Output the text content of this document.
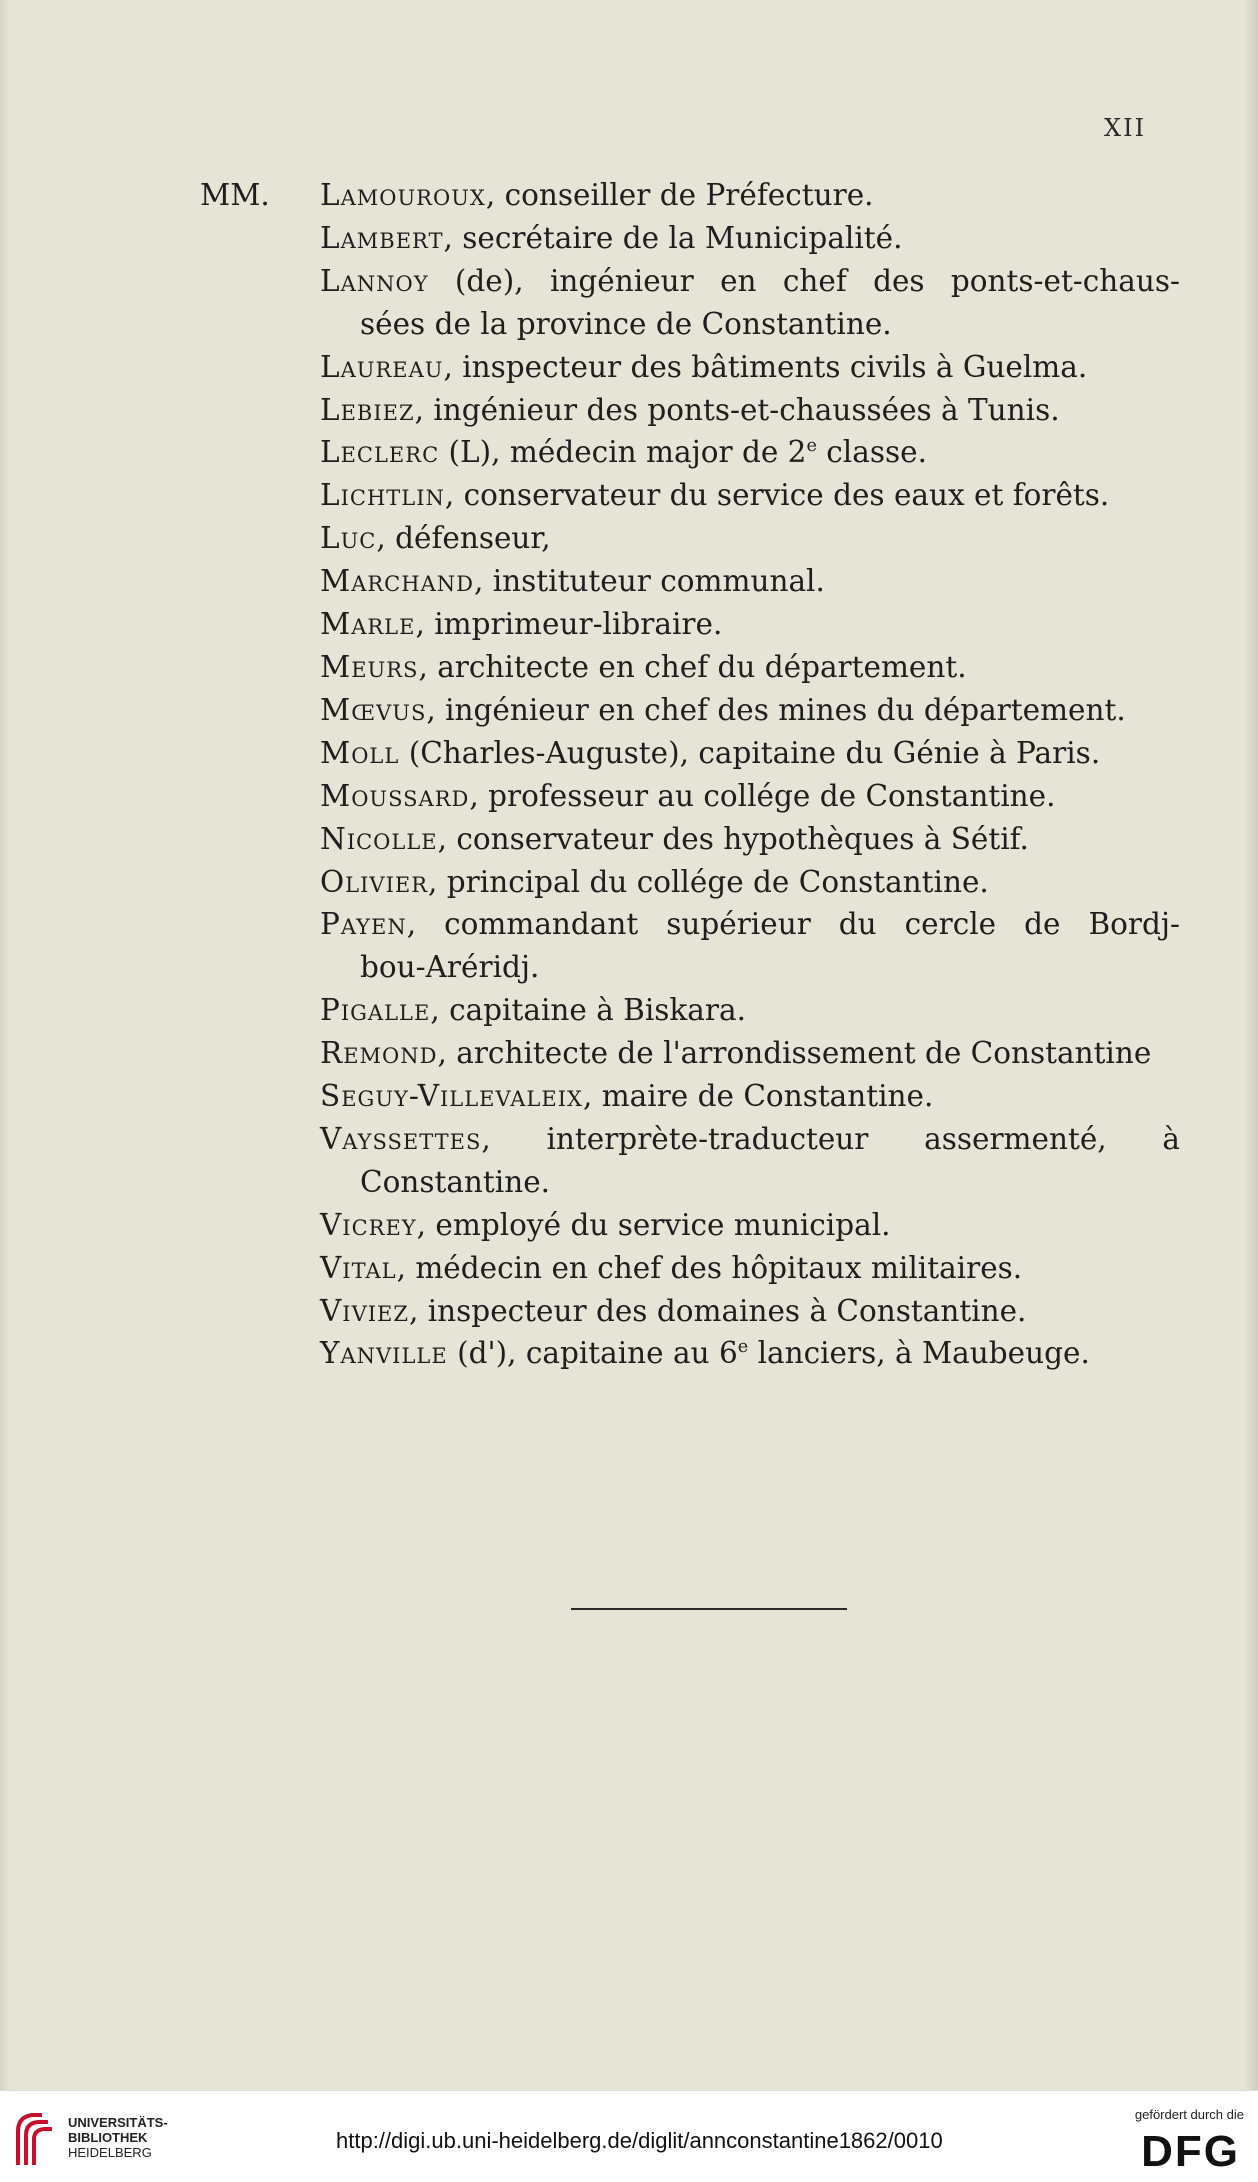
XII
MM. Lamouroux, conseiller de Préfecture.
Lambert, secrétaire de la Municipalité.
Lannoy (de), ingénieur en chef des ponts-et-chaus-
sées de la province de Constantine.
Laureau, inspecteur des bâtiments civils à Guelma.
Lebiez, ingénieur des ponts-et-chaussées à Tunis.
Leclerc (L), médecin major de 2e classe.
Lichtlin, conservateur du service des eaux et forêts.
Luc, défenseur,
Marchand, instituteur communal.
Marle, imprimeur-libraire.
Meurs, architecte en chef du département.
Mœvus, ingénieur en chef des mines du département.
Moll (Charles-Auguste), capitaine du Génie à Paris.
Moussard, professeur au collége de Constantine.
Nicolle, conservateur des hypothèques à Sétif.
Olivier, principal du collége de Constantine.
Payen, commandant supérieur du cercle de Bordj-
bou-Aréridj.
Pigalle, capitaine à Biskara.
Remond, architecte de l'arrondissement de Constantine
Seguy-Villevaleix, maire de Constantine.
Vayssettes, interprète-traducteur assermenté, à
Constantine.
Vicrey, employé du service municipal.
Vital, médecin en chef des hôpitaux militaires.
Viviez, inspecteur des domaines à Constantine.
Yanville (d'), capitaine au 6e lanciers, à Maubeuge.
UNIVERSITÄTS-
BIBLIOTHEK
HEIDELBERG	http://digi.ub.uni-heidelberg.de/diglit/annconstantine1862/0010
gefördert durch die
DFG
